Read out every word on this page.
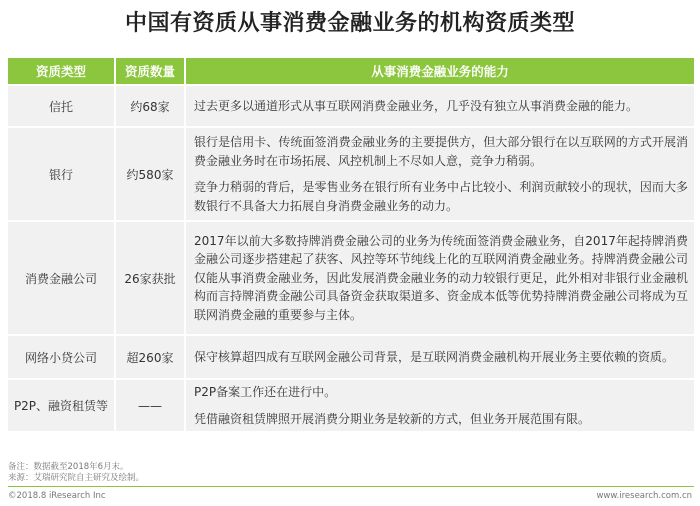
中国有资质从事消费金融业务的机构资质类型
资质类型	资质数量	从事消费金融业务的能力
信托	约68家	过去更多以通道形式从事互联网消费金融业务，几乎没有独立从事消费金融的能力。

银行	约580家	银行是信用卡、传统面签消费金融业务的主要提供方，但大部分银行在以互联网的方式开展消费金融业务时在市场拓展、风控机制上不尽如人意，竞争力稍弱。

竞争力稍弱的背后，是零售业务在银行所有业务中占比较小、利润贡献较小的现状，因而大多数银行不具备大力拓展自身消费金融业务的动力。

消费金融公司	26家获批	2017年以前大多数持牌消费金融公司的业务为传统面签消费金融业务，自2017年起持牌消费金融公司逐步搭建起了获客、风控等环节纯线上化的互联网消费金融业务。持牌消费金融公司仅能从事消费金融业务，因此发展消费金融业务的动力较银行更足，此外相对非银行业金融机构而言持牌消费金融公司具备资金获取渠道多、资金成本低等优势持牌消费金融公司将成为互联网消费金融的重要参与主体。

网络小贷公司	超260家	保守核算超四成有互联网金融公司背景，是互联网消费金融机构开展业务主要依赖的资质。

P2P、融资租赁等	——	P2P备案工作还在进行中。

凭借融资租赁牌照开展消费分期业务是较新的方式，但业务开展范围有限。

备注：数据截至2018年6月末。
来源：艾瑞研究院自主研究及绘制。
©2018.8 iResearch Inc	www.iresearch.com.cn
